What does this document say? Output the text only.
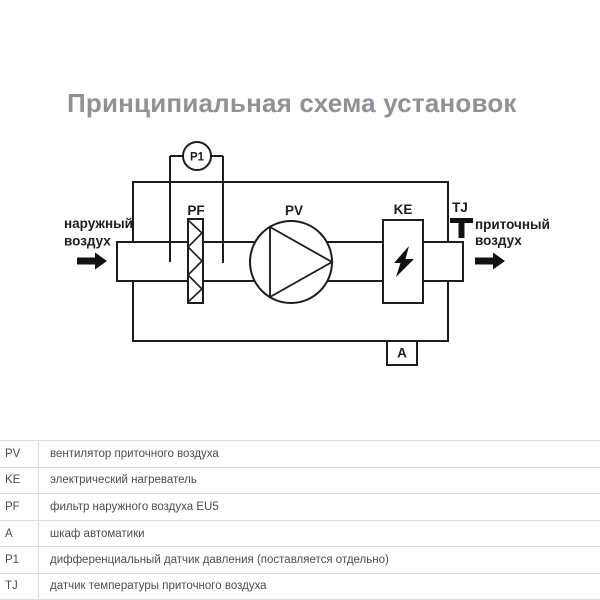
Принципиальная схема установок
P1
PF	PV	KE	TJ
A
наружный
воздух
приточный
воздух
PV	вентилятор приточного воздуха
KE	электрический нагреватель
PF	фильтр наружного воздуха EU5
A	шкаф автоматики
P1	дифференциальный датчик давления (поставляется отдельно)
TJ	датчик температуры приточного воздуха
